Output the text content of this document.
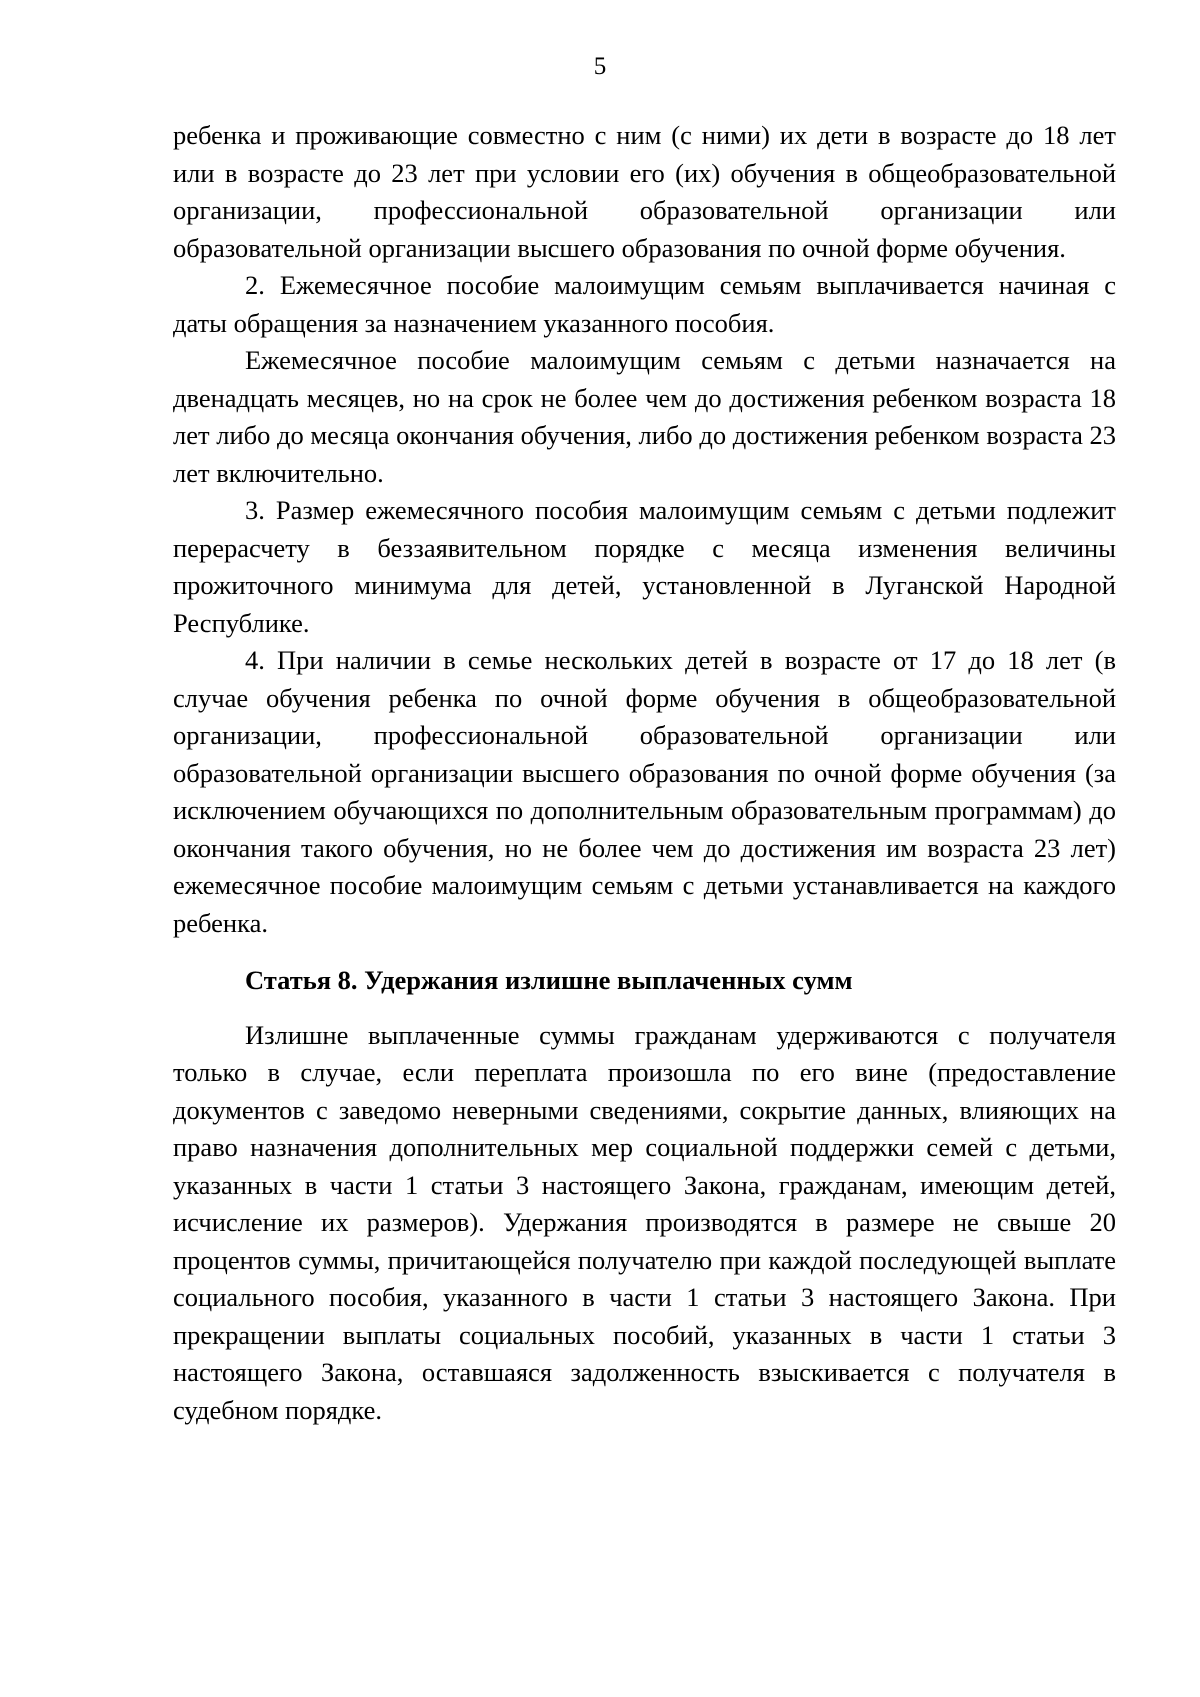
5

ребенка и проживающие совместно с ним (с ними) их дети в возрасте до 18 лет или в возрасте до 23 лет при условии его (их) обучения в общеобразовательной организации, профессиональной образовательной организации или образовательной организации высшего образования по очной форме обучения.

2. Ежемесячное пособие малоимущим семьям выплачивается начиная с даты обращения за назначением указанного пособия.

Ежемесячное пособие малоимущим семьям с детьми назначается на двенадцать месяцев, но на срок не более чем до достижения ребенком возраста 18 лет либо до месяца окончания обучения, либо до достижения ребенком возраста 23 лет включительно.

3. Размер ежемесячного пособия малоимущим семьям с детьми подлежит перерасчету в беззаявительном порядке с месяца изменения величины прожиточного минимума для детей, установленной в Луганской Народной Республике.

4. При наличии в семье нескольких детей в возрасте от 17 до 18 лет (в случае обучения ребенка по очной форме обучения в общеобразовательной организации, профессиональной образовательной организации или образовательной организации высшего образования по очной форме обучения (за исключением обучающихся по дополнительным образовательным программам) до окончания такого обучения, но не более чем до достижения им возраста 23 лет) ежемесячное пособие малоимущим семьям с детьми устанавливается на каждого ребенка.

Статья 8. Удержания излишне выплаченных сумм

Излишне выплаченные суммы гражданам удерживаются с получателя только в случае, если переплата произошла по его вине (предоставление документов с заведомо неверными сведениями, сокрытие данных, влияющих на право назначения дополнительных мер социальной поддержки семей с детьми, указанных в части 1 статьи 3 настоящего Закона, гражданам, имеющим детей, исчисление их размеров). Удержания производятся в размере не свыше 20 процентов суммы, причитающейся получателю при каждой последующей выплате социального пособия, указанного в части 1 статьи 3 настоящего Закона. При прекращении выплаты социальных пособий, указанных в части 1 статьи 3 настоящего Закона, оставшаяся задолженность взыскивается с получателя в судебном порядке.
